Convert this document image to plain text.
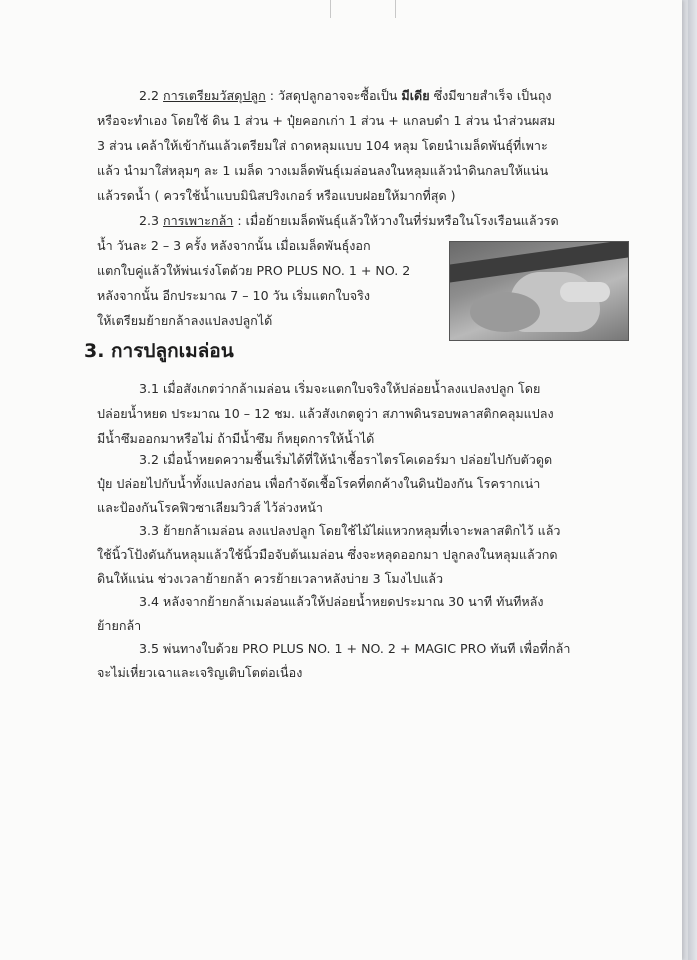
2.2 การเตรียมวัสดุปลูก : วัสดุปลูกอาจจะซื้อเป็น มีเดีย ซึ่งมีขายสำเร็จ เป็นถุง
หรือจะทำเอง โดยใช้ ดิน 1 ส่วน + ปุ๋ยคอกเก่า 1 ส่วน + แกลบดำ 1 ส่วน นำส่วนผสม
3 ส่วน เคล้าให้เข้ากันแล้วเตรียมใส่ ถาดหลุมแบบ 104 หลุม โดยนำเมล็ดพันธุ์ที่เพาะ
แล้ว นำมาใส่หลุมๆ ละ 1 เมล็ด วางเมล็ดพันธุ์เมล่อนลงในหลุมแล้วนำดินกลบให้แน่น
แล้วรดน้ำ ( ควรใช้น้ำแบบมินิสปริงเกอร์ หรือแบบฝอยให้มากที่สุด )
2.3 การเพาะกล้า : เมื่อย้ายเมล็ดพันธุ์แล้วให้วางในที่ร่มหรือในโรงเรือนแล้วรด
น้ำ วันละ 2 – 3 ครั้ง หลังจากนั้น เมื่อเมล็ดพันธุ์งอก
แตกใบคู่แล้วให้พ่นเร่งโตด้วย PRO PLUS NO. 1 + NO. 2
หลังจากนั้น อีกประมาณ 7 – 10 วัน เริ่มแตกใบจริง
ให้เตรียมย้ายกล้าลงแปลงปลูกได้
3. การปลูกเมล่อน
3.1 เมื่อสังเกตว่ากล้าเมล่อน เริ่มจะแตกใบจริงให้ปล่อยน้ำลงแปลงปลูก โดย
ปล่อยน้ำหยด ประมาณ 10 – 12 ชม. แล้วสังเกตดูว่า สภาพดินรอบพลาสติกคลุมแปลง
มีน้ำซึมออกมาหรือไม่ ถ้ามีน้ำซึม ก็หยุดการให้น้ำได้
3.2 เมื่อน้ำหยดความชื้นเริ่มได้ที่ให้นำเชื้อราไตรโคเดอร์มา ปล่อยไปกับตัวดูด
ปุ๋ย ปล่อยไปกับน้ำทั้งแปลงก่อน เพื่อกำจัดเชื้อโรคที่ตกค้างในดินป้องกัน โรครากเน่า
และป้องกันโรคฟิวซาเลียมวิวส์ ไว้ล่วงหน้า
3.3 ย้ายกล้าเมล่อน ลงแปลงปลูก โดยใช้ไม้ไผ่แหวกหลุมที่เจาะพลาสติกไว้ แล้ว
ใช้นิ้วโป้งดันก้นหลุมแล้วใช้นิ้วมือจับต้นเมล่อน ซึ่งจะหลุดออกมา ปลูกลงในหลุมแล้วกด
ดินให้แน่น ช่วงเวลาย้ายกล้า ควรย้ายเวลาหลังบ่าย 3 โมงไปแล้ว
3.4 หลังจากย้ายกล้าเมล่อนแล้วให้ปล่อยน้ำหยดประมาณ 30 นาที ทันทีหลัง
ย้ายกล้า
3.5 พ่นทางใบด้วย PRO PLUS NO. 1 + NO. 2 + MAGIC PRO ทันที เพื่อที่กล้า
จะไม่เหี่ยวเฉาและเจริญเติบโตต่อเนื่อง
